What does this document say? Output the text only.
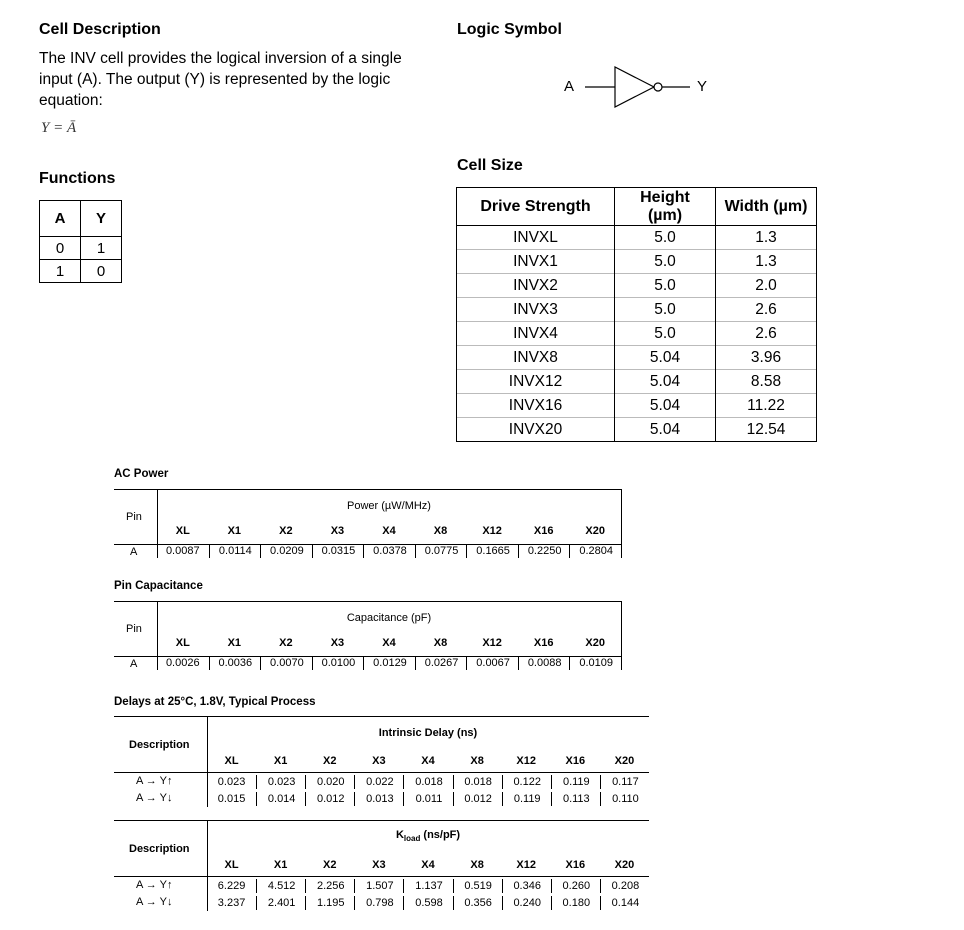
Cell Description
The INV cell provides the logical inversion of a single input (A). The output (Y) is represented by the logic equation:
Y = Ā
Logic Symbol
A	Y
Functions
A	Y
0	1
1	0
Cell Size
Drive Strength	Height (µm)	Width (µm)
INVXL	5.0	1.3
INVX1	5.0	1.3
INVX2	5.0	2.0
INVX3	5.0	2.6
INVX4	5.0	2.6
INVX8	5.04	3.96
INVX12	5.04	8.58
INVX16	5.04	11.22
INVX20	5.04	12.54
AC Power
Pin
Power (µW/MHz)
XL	X1	X2	X3	X4	X8	X12	X16	X20
A	0.0087	0.0114	0.0209	0.0315	0.0378	0.0775	0.1665	0.2250	0.2804
Pin Capacitance
Pin
Capacitance (pF)
XL	X1	X2	X3	X4	X8	X12	X16	X20
A	0.0026	0.0036	0.0070	0.0100	0.0129	0.0267	0.0067	0.0088	0.0109
Delays at 25°C, 1.8V, Typical Process
Description
Intrinsic Delay (ns)
XL	X1	X2	X3	X4	X8	X12	X16	X20
A → Y↑	0.023	0.023	0.020	0.022	0.018	0.018	0.122	0.119	0.117
A → Y↓	0.015	0.014	0.012	0.013	0.011	0.012	0.119	0.113	0.110
Description
$K_{load}$ (ns/pF)
XL	X1	X2	X3	X4	X8	X12	X16	X20
A → Y↑	6.229	4.512	2.256	1.507	1.137	0.519	0.346	0.260	0.208
A → Y↓	3.237	2.401	1.195	0.798	0.598	0.356	0.240	0.180	0.144
